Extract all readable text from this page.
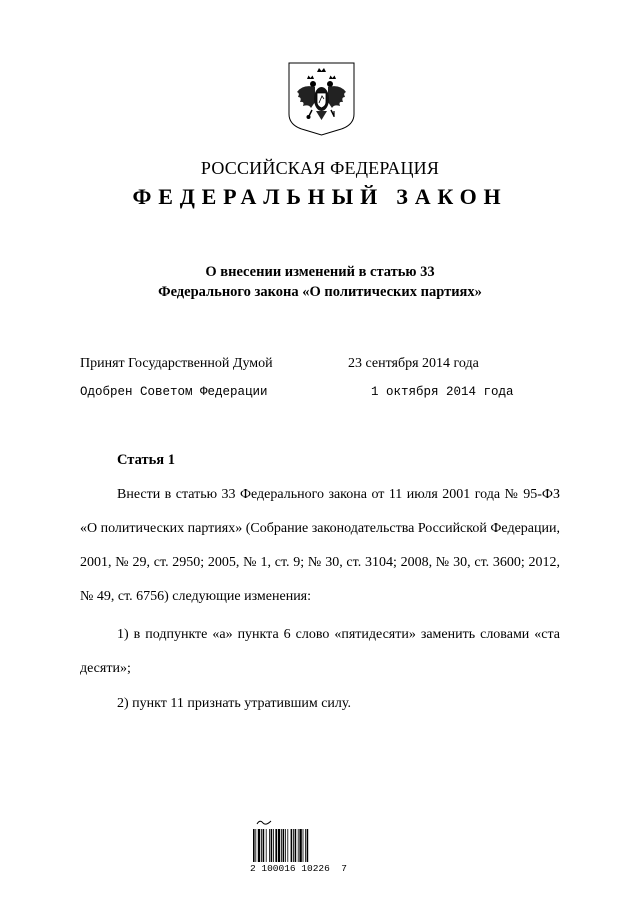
РОССИЙСКАЯ ФЕДЕРАЦИЯ
ФЕДЕРАЛЬНЫЙ ЗАКОН
О внесении изменений в статью 33
Федерального закона «О политических партиях»
Принят Государственной Думой	23 сентября 2014 года
Одобрен Советом Федерации	1 октября 2014 года
Статья 1

Внести в статью 33 Федерального закона от 11 июля 2001 года № 95-ФЗ «О политических партиях» (Собрание законодательства Российской Федерации, 2001, № 29, ст. 2950; 2005, № 1, ст. 9; № 30, ст. 3104; 2008, № 30, ст. 3600; 2012, № 49, ст. 6756) следующие изменения:

1) в подпункте «а» пункта 6 слово «пятидесяти» заменить словами «ста десяти»;

2) пункт 11 признать утратившим силу.

2 100016 10226  7
